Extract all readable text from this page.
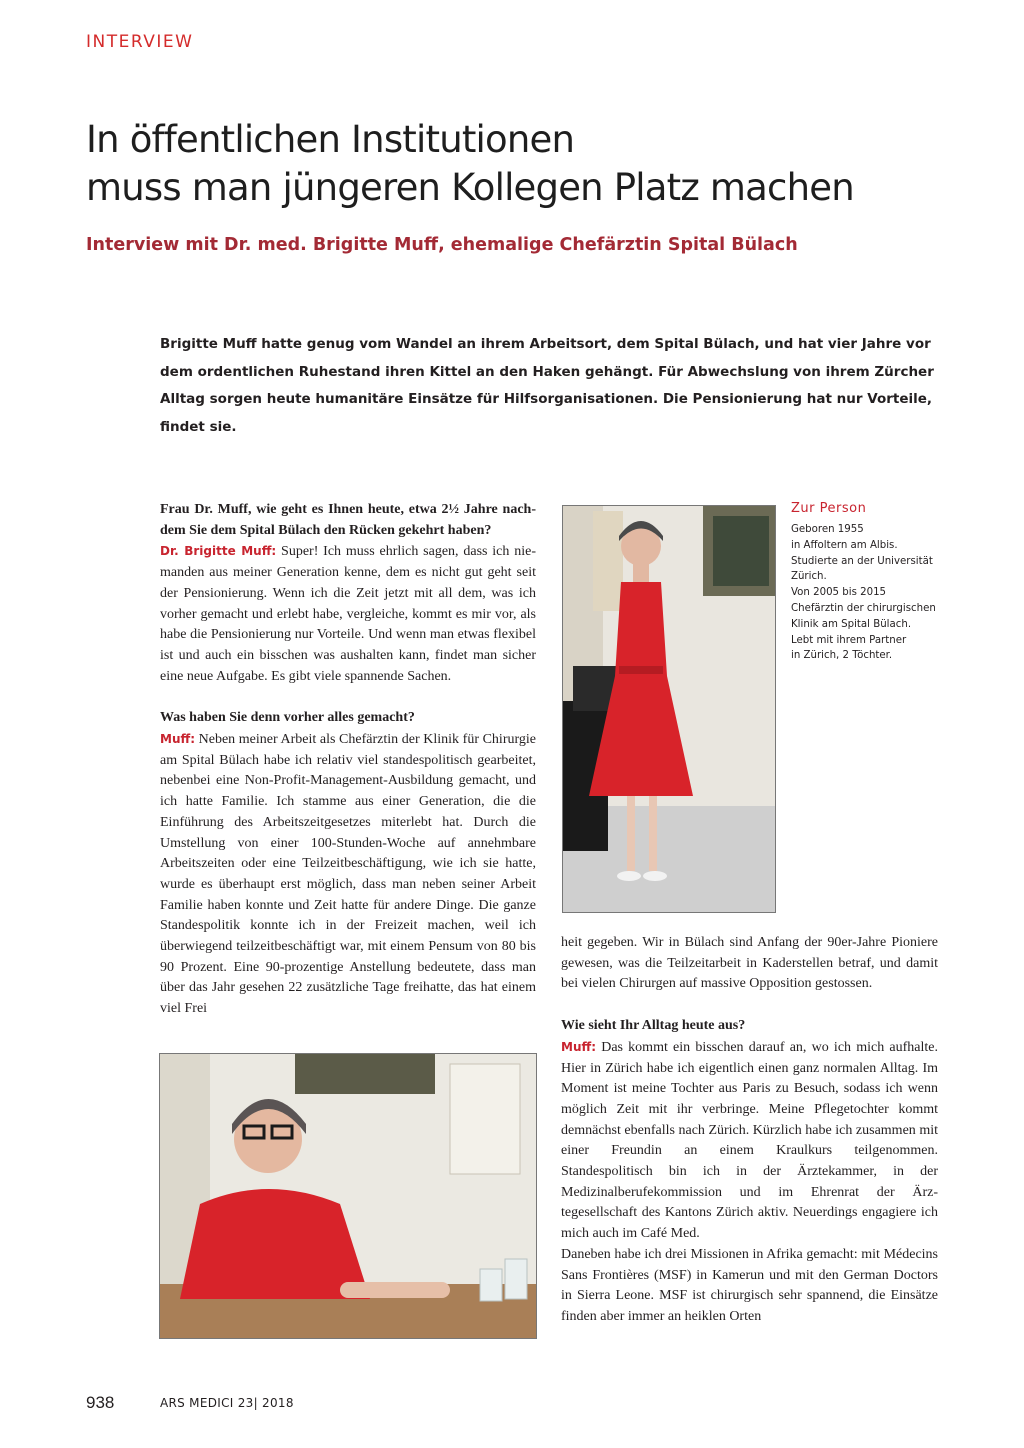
INTERVIEW
In öffentlichen Institutionen
muss man jüngeren Kollegen Platz machen
Interview mit Dr. med. Brigitte Muff, ehemalige Chefärztin Spital Bülach
Brigitte Muff hatte genug vom Wandel an ihrem Arbeitsort, dem Spital Bülach, und hat vier Jahre vor dem ordentlichen Ruhestand ihren Kittel an den Haken gehängt. Für Abwechslung von ihrem Zürcher Alltag sorgen heute humanitäre Einsätze für Hilfsorganisationen. Die Pensionierung hat nur Vorteile, findet sie.

Frau Dr. Muff, wie geht es Ihnen heute, etwa 2½ Jahre nachdem Sie dem Spital Bülach den Rücken gekehrt haben?

Dr. Brigitte Muff: Super! Ich muss ehrlich sagen, dass ich niemanden aus meiner Generation kenne, dem es nicht gut geht seit der Pensionierung. Wenn ich die Zeit jetzt mit all dem, was ich vorher gemacht und erlebt habe, vergleiche, kommt es mir vor, als habe die Pensionierung nur Vorteile. Und wenn man etwas flexibel ist und auch ein bisschen was aushalten kann, findet man sicher eine neue Aufgabe. Es gibt viele spannende Sachen.

Was haben Sie denn vorher alles gemacht?

Muff: Neben meiner Arbeit als Chefärztin der Klinik für Chirurgie am Spital Bülach habe ich relativ viel standespolitisch gearbeitet, nebenbei eine Non-Profit-Management-Ausbildung gemacht, und ich hatte Familie. Ich stamme aus einer Generation, die die Einführung des Arbeitszeitgesetzes miterlebt hat. Durch die Umstellung von einer 100-Stunden-Woche auf annehmbare Arbeitszeiten oder eine Teilzeitbeschäftigung, wie ich sie hatte, wurde es überhaupt erst möglich, dass man neben seiner Arbeit Familie haben konnte und Zeit hatte für andere Dinge. Die ganze Standespolitik konnte ich in der Freizeit machen, weil ich überwiegend teilzeitbeschäftigt war, mit einem Pensum von 80 bis 90 Prozent. Eine 90-prozentige Anstellung bedeutete, dass man über das Jahr gesehen 22 zusätzliche Tage freihatte, das hat einem viel Frei

Zur Person
Geboren 1955
in Affoltern am Albis.
Studierte an der Universität
Zürich.
Von 2005 bis 2015
Chefärztin der chirurgischen
Klinik am Spital Bülach.
Lebt mit ihrem Partner
in Zürich, 2 Töchter.

heit gegeben. Wir in Bülach sind Anfang der 90er-Jahre Pioniere gewesen, was die Teilzeitarbeit in Kaderstellen betraf, und damit bei vielen Chirurgen auf massive Opposition gestossen.

Wie sieht Ihr Alltag heute aus?

Muff: Das kommt ein bisschen darauf an, wo ich mich aufhalte. Hier in Zürich habe ich eigentlich einen ganz normalen Alltag. Im Moment ist meine Tochter aus Paris zu Besuch, sodass ich wenn möglich Zeit mit ihr verbringe. Meine Pflegetochter kommt demnächst ebenfalls nach Zürich. Kürzlich habe ich zusammen mit einer Freundin an einem Kraulkurs teilgenommen. Standespolitisch bin ich in der Ärztekammer, in der Medizinalberufekommission und im Ehrenrat der Ärztegesellschaft des Kantons Zürich aktiv. Neuerdings engagiere ich mich auch im Café Med.

Daneben habe ich drei Missionen in Afrika gemacht: mit Médecins Sans Frontières (MSF) in Kamerun und mit den German Doctors in Sierra Leone. MSF ist chirurgisch sehr spannend, die Einsätze finden aber immer an heiklen Orten

938	ARS MEDICI 23| 2018
